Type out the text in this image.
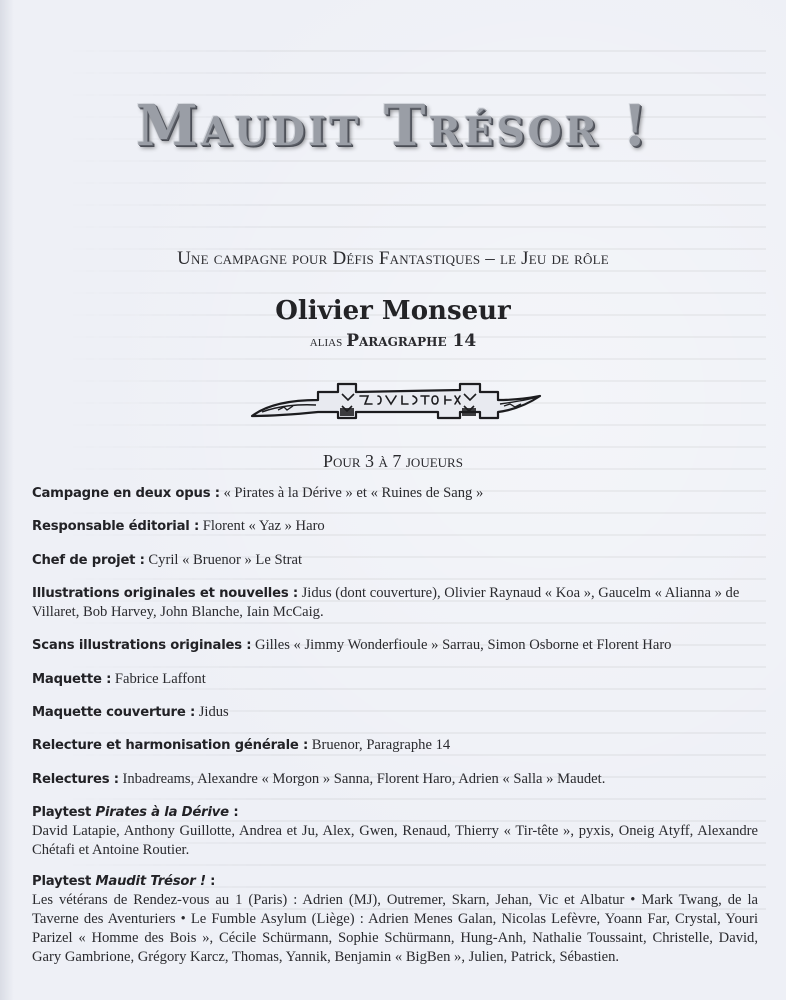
Maudit Trésor !
Une campagne pour Défis Fantastiques – le Jeu de rôle
Olivier Monseur
alias Paragraphe 14
Pour 3 à 7 joueurs
Campagne en deux opus : « Pirates à la Dérive » et « Ruines de Sang »
Responsable éditorial : Florent « Yaz » Haro
Chef de projet : Cyril « Bruenor » Le Strat
Illustrations originales et nouvelles : Jidus (dont couverture), Olivier Raynaud « Koa », Gaucelm « Alianna » de Villaret, Bob Harvey, John Blanche, Iain McCaig.
Scans illustrations originales : Gilles « Jimmy Wonderfioule » Sarrau, Simon Osborne et Florent Haro
Maquette : Fabrice Laffont
Maquette couverture : Jidus
Relecture et harmonisation générale : Bruenor, Paragraphe 14
Relectures : Inbadreams, Alexandre « Morgon » Sanna, Florent Haro, Adrien « Salla » Maudet.
Playtest Pirates à la Dérive :
David Latapie, Anthony Guillotte, Andrea et Ju, Alex, Gwen, Renaud, Thierry « Tir-tête », pyxis, Oneig Atyff, Alexandre Chétafi et Antoine Routier.
Playtest Maudit Trésor ! :
Les vétérans de Rendez-vous au 1 (Paris) : Adrien (MJ), Outremer, Skarn, Jehan, Vic et Albatur • Mark Twang, de la Taverne des Aventuriers • Le Fumble Asylum (Liège) : Adrien Menes Galan, Nicolas Lefèvre, Yoann Far, Crystal, Youri Parizel « Homme des Bois », Cécile Schürmann, Sophie Schürmann, Hung-Anh, Nathalie Toussaint, Christelle, David, Gary Gambrione, Grégory Karcz, Thomas, Yannik, Benjamin « BigBen », Julien, Patrick, Sébastien.
